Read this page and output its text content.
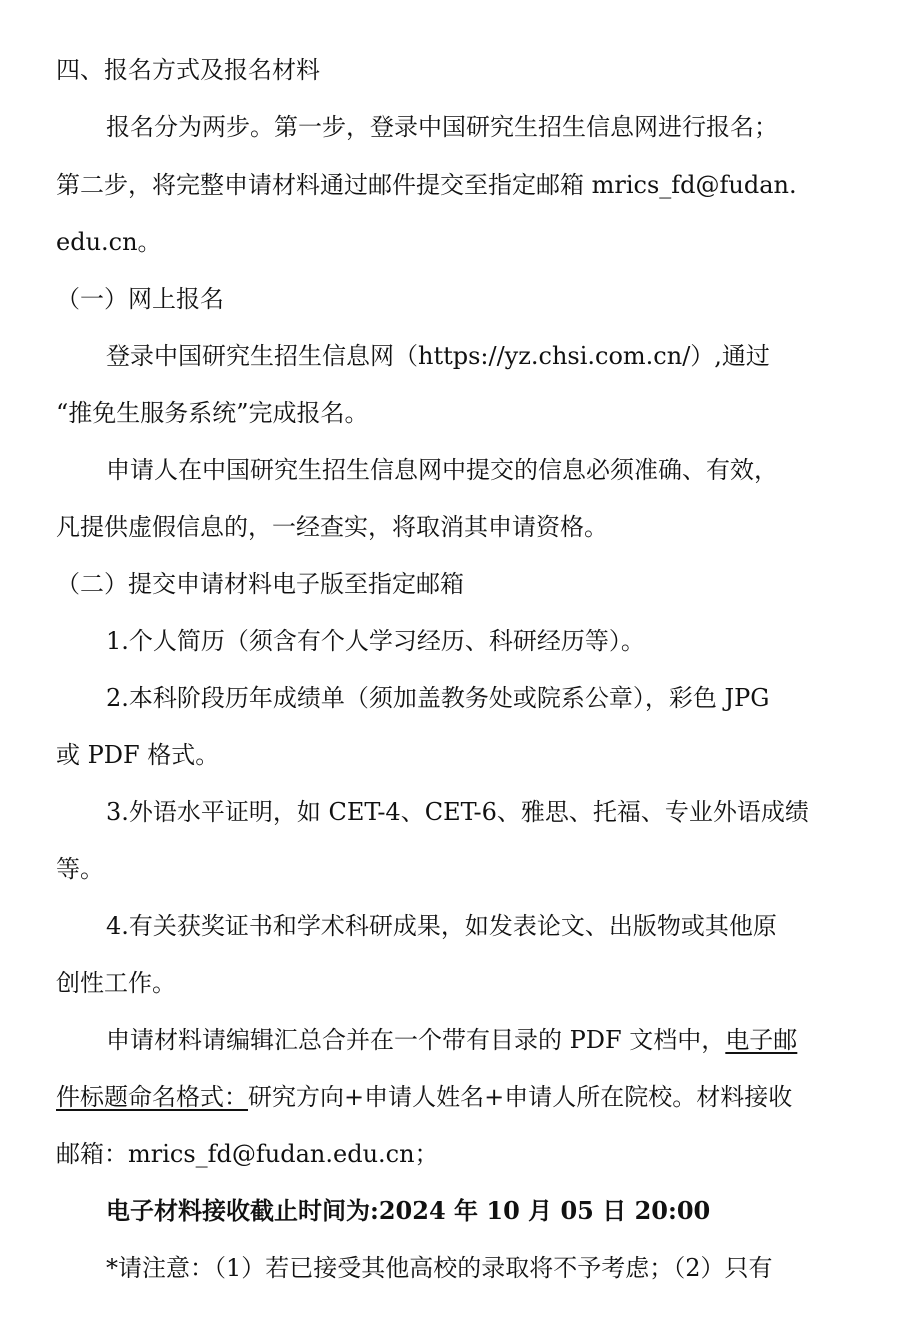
四、报名方式及报名材料
报名分为两步。第一步，登录中国研究生招生信息网进行报名；
第二步，将完整申请材料通过邮件提交至指定邮箱 mrics_fd@fudan.
edu.cn。
（一）网上报名
登录中国研究生招生信息网（https://yz.chsi.com.cn/）,通过
“推免生服务系统”完成报名。
申请人在中国研究生招生信息网中提交的信息必须准确、有效，
凡提供虚假信息的，一经查实，将取消其申请资格。
（二）提交申请材料电子版至指定邮箱
1.个人简历（须含有个人学习经历、科研经历等）。
2.本科阶段历年成绩单（须加盖教务处或院系公章），彩色 JPG
或 PDF 格式。
3.外语水平证明，如 CET-4、CET-6、雅思、托福、专业外语成绩
等。
4.有关获奖证书和学术科研成果，如发表论文、出版物或其他原
创性工作。
申请材料请编辑汇总合并在一个带有目录的 PDF 文档中，电子邮
件标题命名格式：研究方向+申请人姓名+申请人所在院校。材料接收
邮箱：mrics_fd@fudan.edu.cn；
电子材料接收截止时间为:2024 年 10 月 05 日 20:00
*请注意：（1）若已接受其他高校的录取将不予考虑；（2）只有
